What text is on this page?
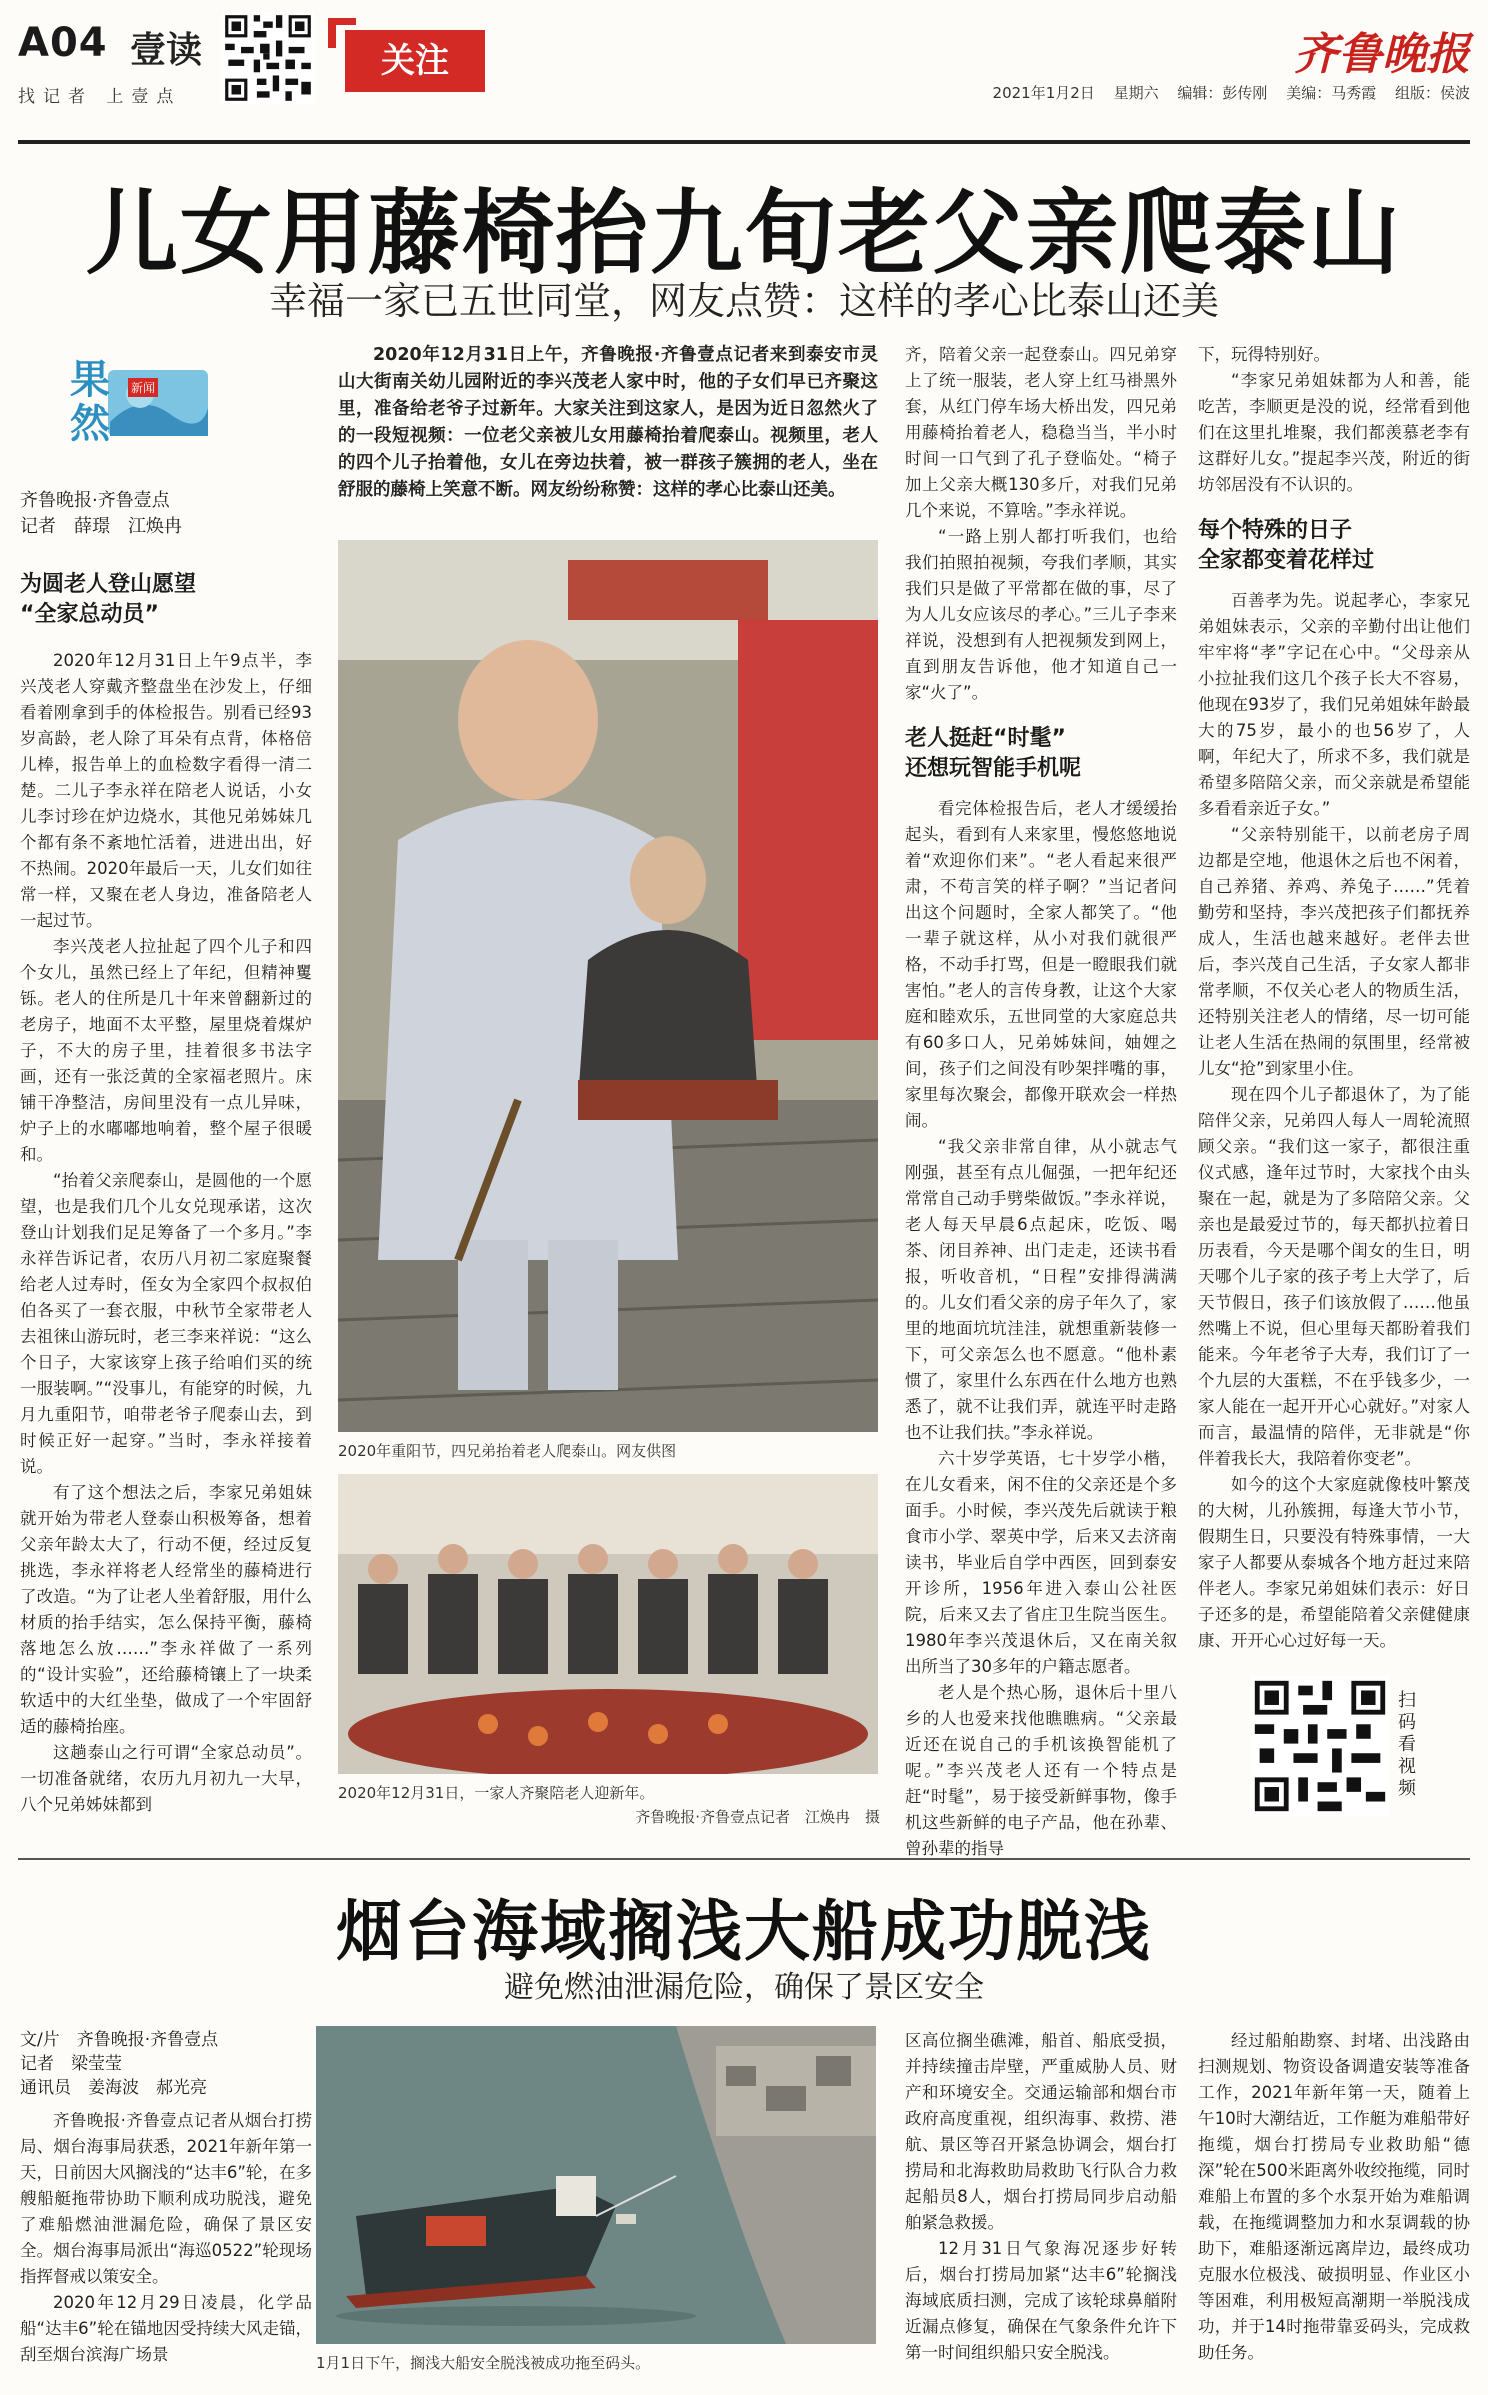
A04 壹读
找记者 上壹点
关注	齐鲁晚报
2021年1月2日 星期六 编辑：彭传刚 美编：马秀霞 组版：侯波
儿女用藤椅抬九旬老父亲爬泰山
幸福一家已五世同堂，网友点赞：这样的孝心比泰山还美
果然
新闻
齐鲁晚报·齐鲁壹点
记者　薛璟　江焕冉
为圆老人登山愿望
“全家总动员”

2020年12月31日上午9点半，李兴茂老人穿戴齐整盘坐在沙发上，仔细看着刚拿到手的体检报告。别看已经93岁高龄，老人除了耳朵有点背，体格倍儿棒，报告单上的血检数字看得一清二楚。二儿子李永祥在陪老人说话，小女儿李讨珍在炉边烧水，其他兄弟姊妹几个都有条不紊地忙活着，进进出出，好不热闹。2020年最后一天，儿女们如往常一样，又聚在老人身边，准备陪老人一起过节。

李兴茂老人拉扯起了四个儿子和四个女儿，虽然已经上了年纪，但精神矍铄。老人的住所是几十年来曾翻新过的老房子，地面不太平整，屋里烧着煤炉子，不大的房子里，挂着很多书法字画，还有一张泛黄的全家福老照片。床铺干净整洁，房间里没有一点儿异味，炉子上的水嘟嘟地响着，整个屋子很暖和。

“抬着父亲爬泰山，是圆他的一个愿望，也是我们几个儿女兑现承诺，这次登山计划我们足足筹备了一个多月。”李永祥告诉记者，农历八月初二家庭聚餐给老人过寿时，侄女为全家四个叔叔伯伯各买了一套衣服，中秋节全家带老人去祖徕山游玩时，老三李来祥说：“这么个日子，大家该穿上孩子给咱们买的统一服装啊。”“没事儿，有能穿的时候，九月九重阳节，咱带老爷子爬泰山去，到时候正好一起穿。”当时，李永祥接着说。

有了这个想法之后，李家兄弟姐妹就开始为带老人登泰山积极筹备，想着父亲年龄太大了，行动不便，经过反复挑选，李永祥将老人经常坐的藤椅进行了改造。“为了让老人坐着舒服，用什么材质的抬手结实，怎么保持平衡，藤椅落地怎么放……”李永祥做了一系列的“设计实验”，还给藤椅镶上了一块柔软适中的大红坐垫，做成了一个牢固舒适的藤椅抬座。

这趟泰山之行可谓“全家总动员”。一切准备就绪，农历九月初九一大早，八个兄弟姊妹都到

2020年12月31日上午，齐鲁晚报·齐鲁壹点记者来到泰安市灵山大街南关幼儿园附近的李兴茂老人家中时，他的子女们早已齐聚这里，准备给老爷子过新年。大家关注到这家人，是因为近日忽然火了的一段短视频：一位老父亲被儿女用藤椅抬着爬泰山。视频里，老人的四个儿子抬着他，女儿在旁边扶着，被一群孩子簇拥的老人，坐在舒服的藤椅上笑意不断。网友纷纷称赞：这样的孝心比泰山还美。
2020年重阳节，四兄弟抬着老人爬泰山。网友供图
2020年12月31日，一家人齐聚陪老人迎新年。
齐鲁晚报·齐鲁壹点记者　江焕冉　摄

齐，陪着父亲一起登泰山。四兄弟穿上了统一服装，老人穿上红马褂黑外套，从红门停车场大桥出发，四兄弟用藤椅抬着老人，稳稳当当，半小时时间一口气到了孔子登临处。“椅子加上父亲大概130多斤，对我们兄弟几个来说，不算啥。”李永祥说。

“一路上别人都打听我们，也给我们拍照拍视频，夸我们孝顺，其实我们只是做了平常都在做的事，尽了为人儿女应该尽的孝心。”三儿子李来祥说，没想到有人把视频发到网上，直到朋友告诉他，他才知道自己一家“火了”。

老人挺赶“时髦”
还想玩智能手机呢

看完体检报告后，老人才缓缓抬起头，看到有人来家里，慢悠悠地说着“欢迎你们来”。“老人看起来很严肃，不苟言笑的样子啊？”当记者问出这个问题时，全家人都笑了。“他一辈子就这样，从小对我们就很严格，不动手打骂，但是一瞪眼我们就害怕。”老人的言传身教，让这个大家庭和睦欢乐，五世同堂的大家庭总共有60多口人，兄弟姊妹间，妯娌之间，孩子们之间没有吵架拌嘴的事，家里每次聚会，都像开联欢会一样热闹。

“我父亲非常自律，从小就志气刚强，甚至有点儿倔强，一把年纪还常常自己动手劈柴做饭。”李永祥说，老人每天早晨6点起床，吃饭、喝茶、闭目养神、出门走走，还读书看报，听收音机，“日程”安排得满满的。儿女们看父亲的房子年久了，家里的地面坑坑洼洼，就想重新装修一下，可父亲怎么也不愿意。“他朴素惯了，家里什么东西在什么地方也熟悉了，就不让我们弄，就连平时走路也不让我们扶。”李永祥说。

六十岁学英语，七十岁学小楷，在儿女看来，闲不住的父亲还是个多面手。小时候，李兴茂先后就读于粮食市小学、翠英中学，后来又去济南读书，毕业后自学中西医，回到泰安开诊所，1956年进入泰山公社医院，后来又去了省庄卫生院当医生。1980年李兴茂退休后，又在南关叙出所当了30多年的户籍志愿者。

老人是个热心肠，退休后十里八乡的人也爱来找他瞧瞧病。“父亲最近还在说自己的手机该换智能机了呢。”李兴茂老人还有一个特点是赶“时髦”，易于接受新鲜事物，像手机这些新鲜的电子产品，他在孙辈、曾孙辈的指导

下，玩得特别好。

“李家兄弟姐妹都为人和善，能吃苦，李顺更是没的说，经常看到他们在这里扎堆聚，我们都羡慕老李有这群好儿女。”提起李兴茂，附近的街坊邻居没有不认识的。

每个特殊的日子
全家都变着花样过

百善孝为先。说起孝心，李家兄弟姐妹表示，父亲的辛勤付出让他们牢牢将“孝”字记在心中。“父母亲从小拉扯我们这几个孩子长大不容易，他现在93岁了，我们兄弟姐妹年龄最大的75岁，最小的也56岁了，人啊，年纪大了，所求不多，我们就是希望多陪陪父亲，而父亲就是希望能多看看亲近子女。”

“父亲特别能干，以前老房子周边都是空地，他退休之后也不闲着，自己养猪、养鸡、养兔子……”凭着勤劳和坚持，李兴茂把孩子们都抚养成人，生活也越来越好。老伴去世后，李兴茂自己生活，子女家人都非常孝顺，不仅关心老人的物质生活，还特别关注老人的情绪，尽一切可能让老人生活在热闹的氛围里，经常被儿女“抢”到家里小住。

现在四个儿子都退休了，为了能陪伴父亲，兄弟四人每人一周轮流照顾父亲。“我们这一家子，都很注重仪式感，逢年过节时，大家找个由头聚在一起，就是为了多陪陪父亲。父亲也是最爱过节的，每天都扒拉着日历表看，今天是哪个闺女的生日，明天哪个儿子家的孩子考上大学了，后天节假日，孩子们该放假了……他虽然嘴上不说，但心里每天都盼着我们能来。今年老爷子大寿，我们订了一个九层的大蛋糕，不在乎钱多少，一家人能在一起开开心心就好。”对家人而言，最温情的陪伴，无非就是“你伴着我长大，我陪着你变老”。

如今的这个大家庭就像枝叶繁茂的大树，儿孙簇拥，每逢大节小节，假期生日，只要没有特殊事情，一大家子人都要从泰城各个地方赶过来陪伴老人。李家兄弟姐妹们表示：好日子还多的是，希望能陪着父亲健健康康、开开心心过好每一天。

扫码看视频
烟台海域搁浅大船成功脱浅
避免燃油泄漏危险，确保了景区安全
文/片　齐鲁晚报·齐鲁壹点
记者　梁莹莹
通讯员　姜海波　郝光亮

齐鲁晚报·齐鲁壹点记者从烟台打捞局、烟台海事局获悉，2021年新年第一天，日前因大风搁浅的“达丰6”轮，在多艘船艇拖带协助下顺利成功脱浅，避免了难船燃油泄漏危险，确保了景区安全。烟台海事局派出“海巡0522”轮现场指挥督戒以策安全。

2020年12月29日凌晨，化学品船“达丰6”轮在锚地因受持续大风走锚，刮至烟台滨海广场景	1月1日下午，搁浅大船安全脱浅被成功拖至码头。

区高位搁坐礁滩，船首、船底受损，并持续撞击岸壁，严重威胁人员、财产和环境安全。交通运输部和烟台市政府高度重视，组织海事、救捞、港航、景区等召开紧急协调会，烟台打捞局和北海救助局救助飞行队合力救起船员8人，烟台打捞局同步启动船舶紧急救援。

12月31日气象海况逐步好转后，烟台打捞局加紧“达丰6”轮搁浅海域底质扫测，完成了该轮球鼻艏附近漏点修复，确保在气象条件允许下第一时间组织船只安全脱浅。

经过船舶勘察、封堵、出浅路由扫测规划、物资设备调遣安装等准备工作，2021年新年第一天，随着上午10时大潮结近，工作艇为难船带好拖缆，烟台打捞局专业救助船“德深”轮在500米距离外收绞拖缆，同时难船上布置的多个水泵开始为难船调载，在拖缆调整加力和水泵调载的协助下，难船逐渐远离岸边，最终成功克服水位极浅、破损明显、作业区小等困难，利用极短高潮期一举脱浅成功，并于14时拖带靠妥码头，完成救助任务。
